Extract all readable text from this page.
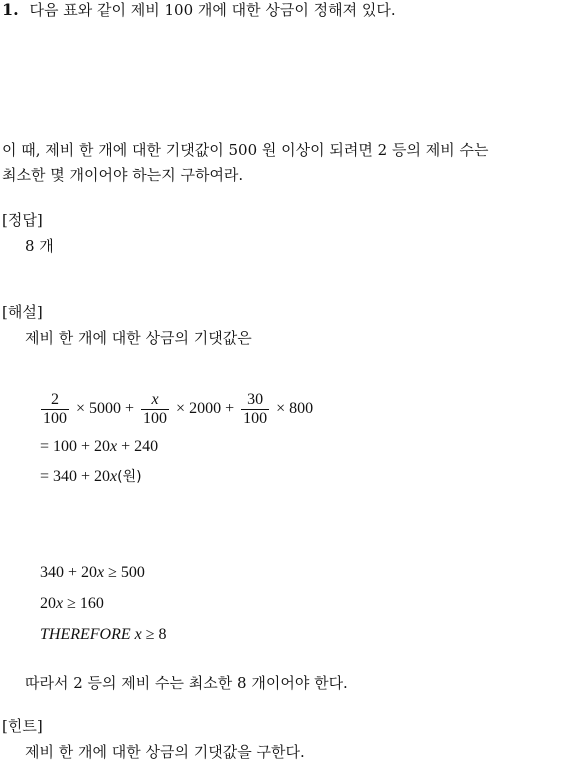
1. 다음 표와 같이 제비 100 개에 대한 상금이 정해져 있다.
이 때, 제비 한 개에 대한 기댓값이 500 원 이상이 되려면 2 등의 제비 수는
최소한 몇 개이어야 하는지 구하여라.
[정답]
8 개
[해설]
제비 한 개에 대한 상금의 기댓값은
$\frac{2}{100} \times 5000 + \frac{x}{100} \times 2000 + \frac{30}{100} \times 800$
= 100 + 20x + 240
= 340 + 20x(원)
340 + 20x ≥ 500
20x ≥ 160
THEREFORE x ≥ 8
따라서 2 등의 제비 수는 최소한 8 개이어야 한다.
[힌트]
제비 한 개에 대한 상금의 기댓값을 구한다.
